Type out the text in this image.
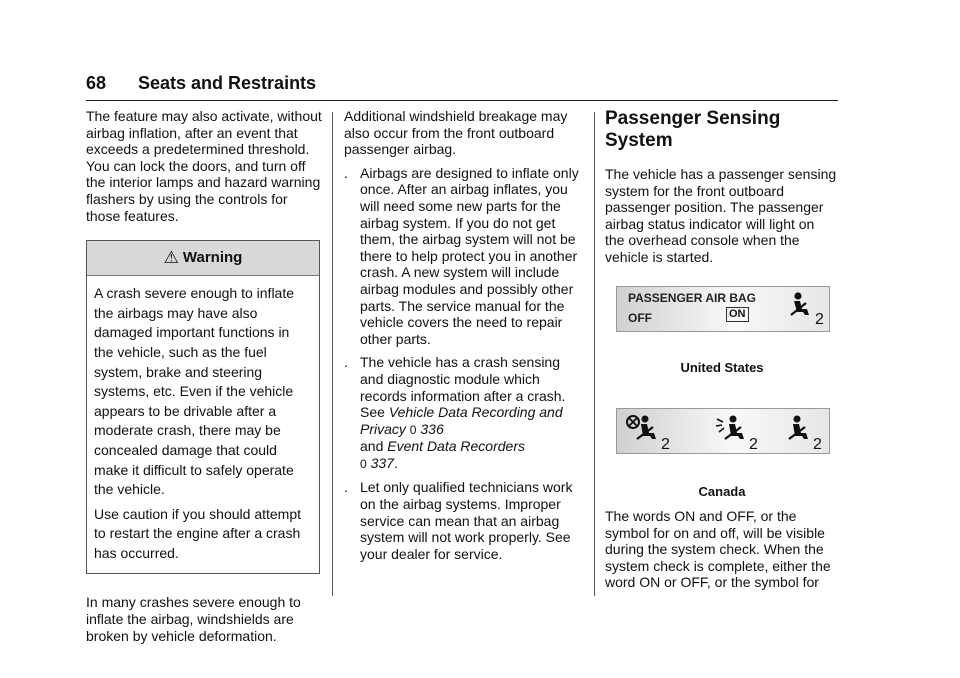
68 Seats and Restraints

The feature may also activate, without airbag inflation, after an event that exceeds a predetermined threshold. You can lock the doors, and turn off the interior lamps and hazard warning flashers by using the controls for those features.

⚠ Warning

A crash severe enough to inflate the airbags may have also damaged important functions in the vehicle, such as the fuel system, brake and steering systems, etc. Even if the vehicle appears to be drivable after a moderate crash, there may be concealed damage that could make it difficult to safely operate the vehicle.

Use caution if you should attempt to restart the engine after a crash has occurred.

In many crashes severe enough to inflate the airbag, windshields are broken by vehicle deformation.

Additional windshield breakage may also occur from the front outboard passenger airbag.

. Airbags are designed to inflate only once. After an airbag inflates, you will need some new parts for the airbag system. If you do not get them, the airbag system will not be there to help protect you in another crash. A new system will include airbag modules and possibly other parts. The service manual for the vehicle covers the need to repair other parts.
. The vehicle has a crash sensing and diagnostic module which records information after a crash. See Vehicle Data Recording and Privacy 0 336
and Event Data Recorders
0 337.
. Let only qualified technicians work on the airbag systems. Improper service can mean that an airbag system will not work properly. See your dealer for service.
Passenger Sensing
System

The vehicle has a passenger sensing system for the front outboard passenger position. The passenger airbag status indicator will light on the overhead console when the vehicle is started.

PASSENGER AIR BAG
OFF	ON	2
United States
2	2	2
Canada

The words ON and OFF, or the symbol for on and off, will be visible during the system check. When the system check is complete, either the word ON or OFF, or the symbol for
